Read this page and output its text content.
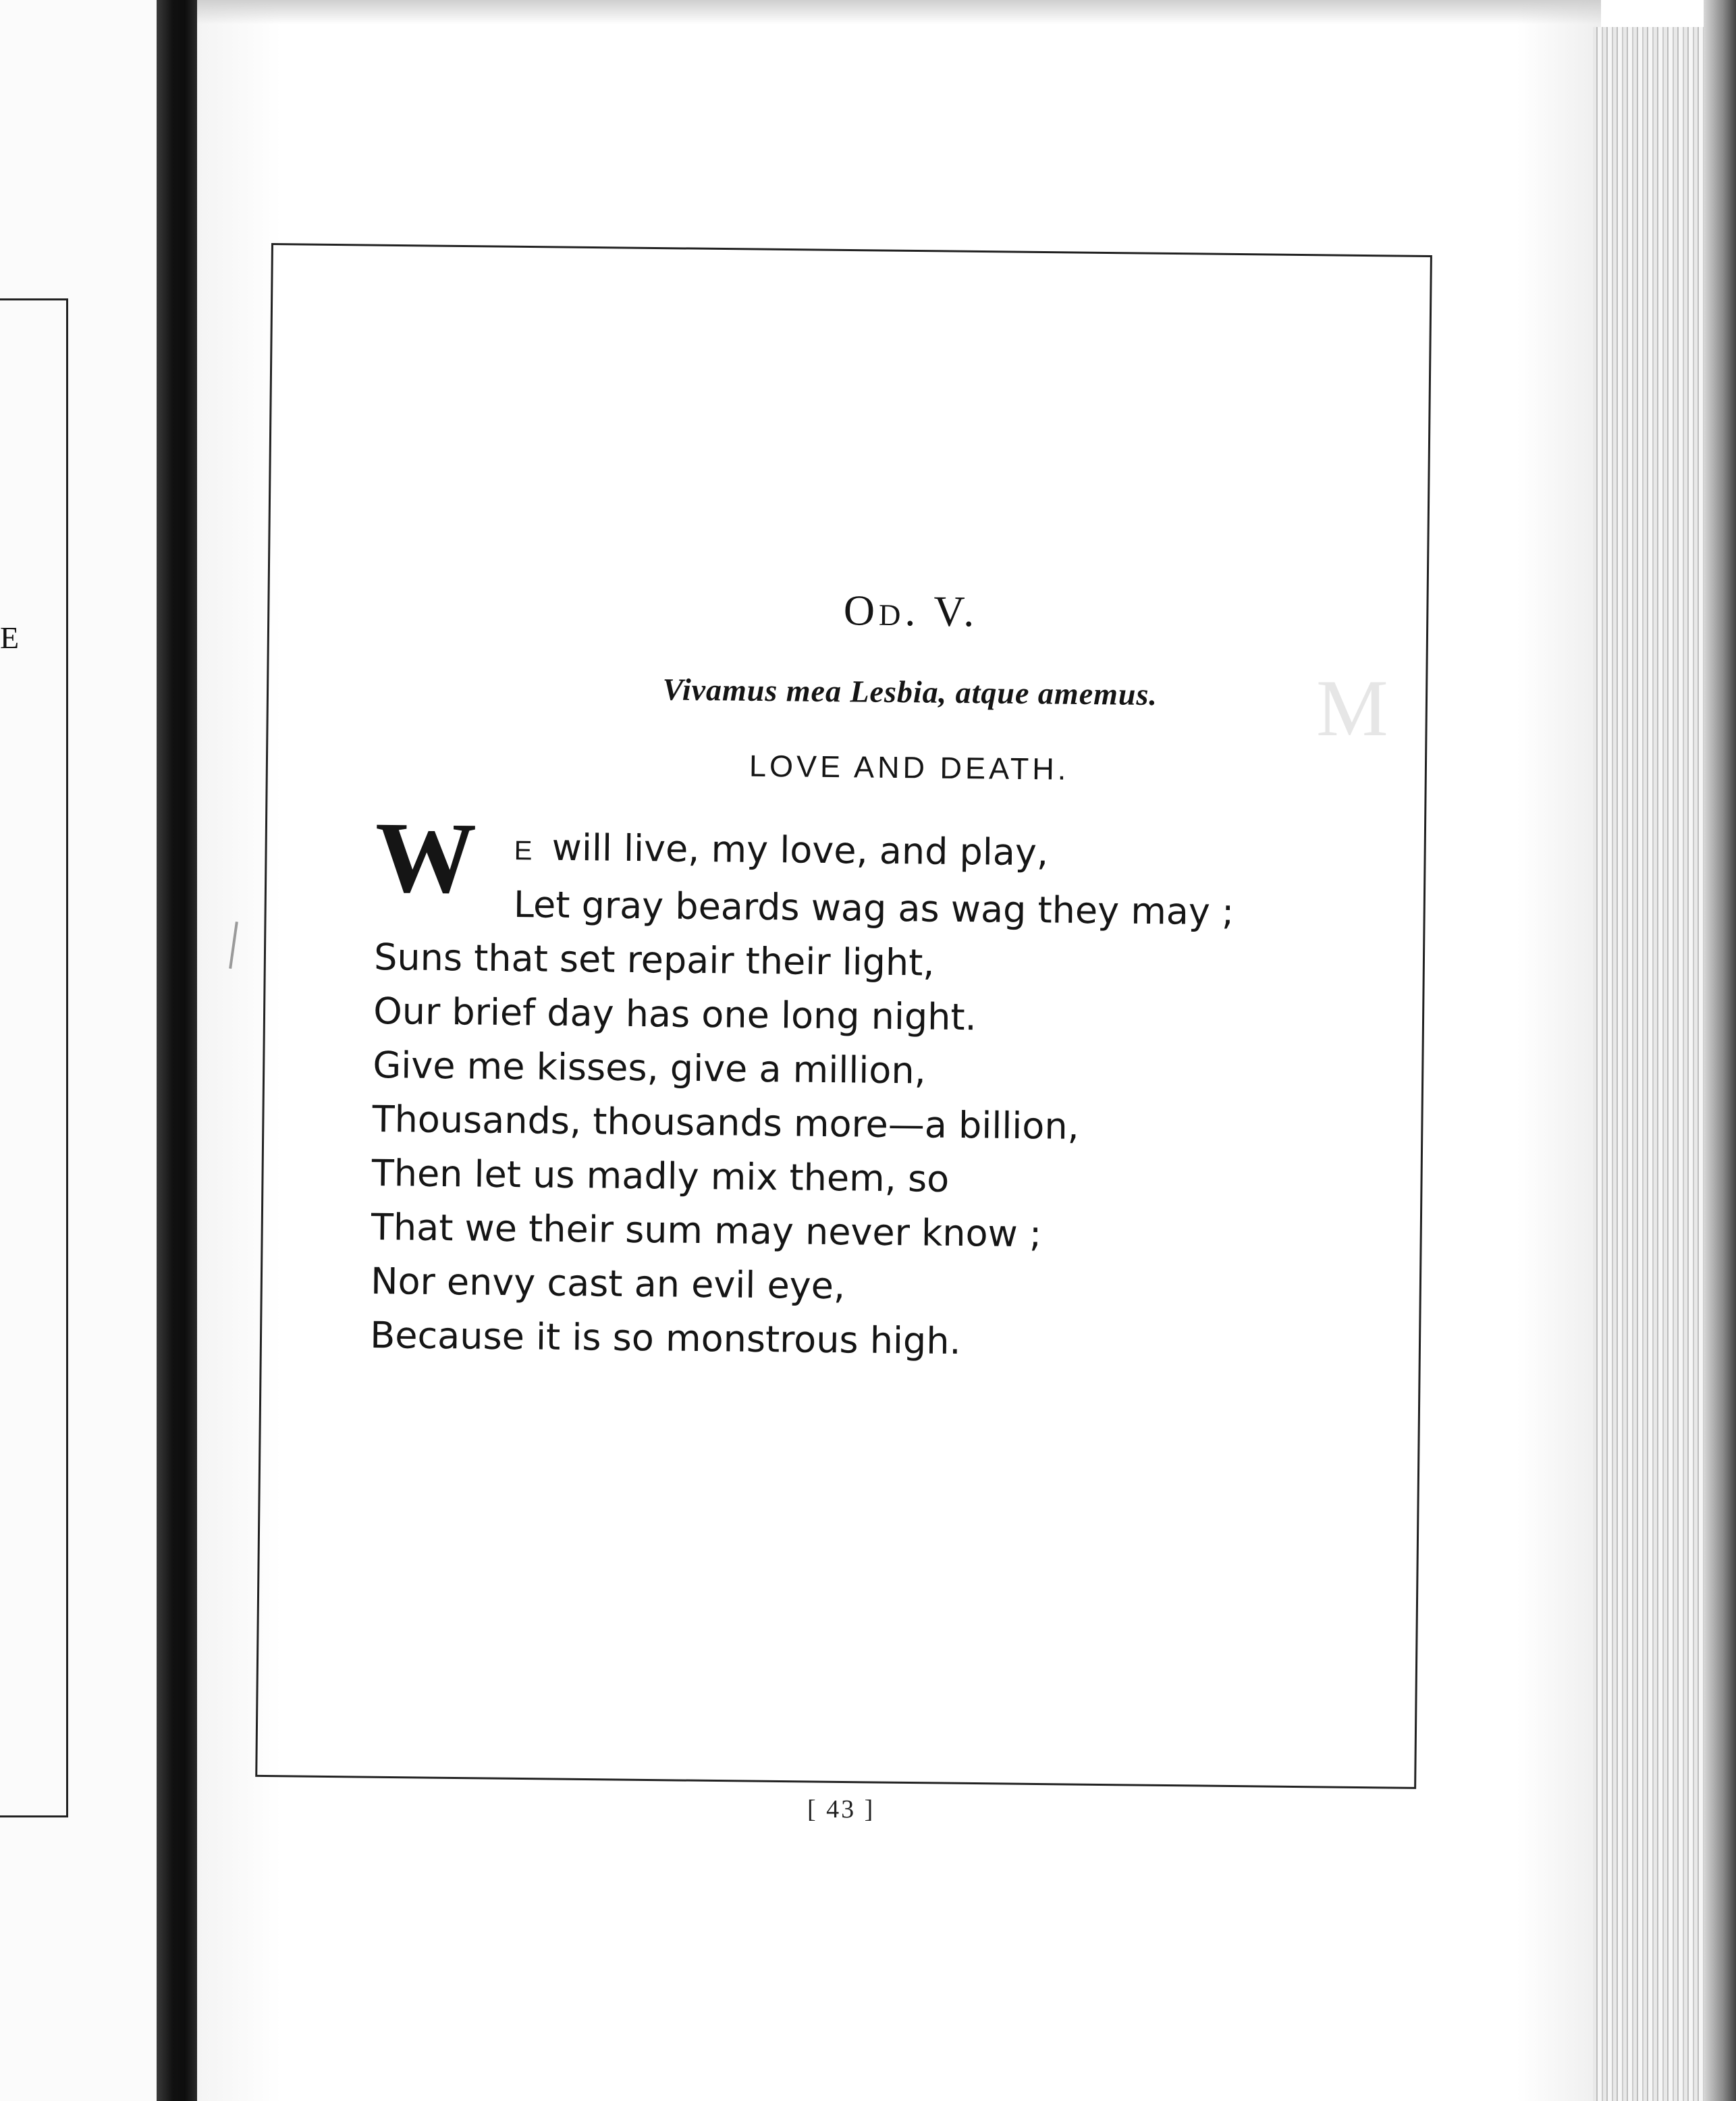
E
M
Od. V.
Vivamus mea Lesbia, atque amemus.
LOVE AND DEATH.
W E will live, my love, and play,
Let gray beards wag as wag they may ;
Suns that set repair their light,
Our brief day has one long night.
Give me kisses, give a million,
Thousands, thousands more—a billion,
Then let us madly mix them, so
That we their sum may never know ;
Nor envy cast an evil eye,
Because it is so monstrous high.
[ 43 ]
